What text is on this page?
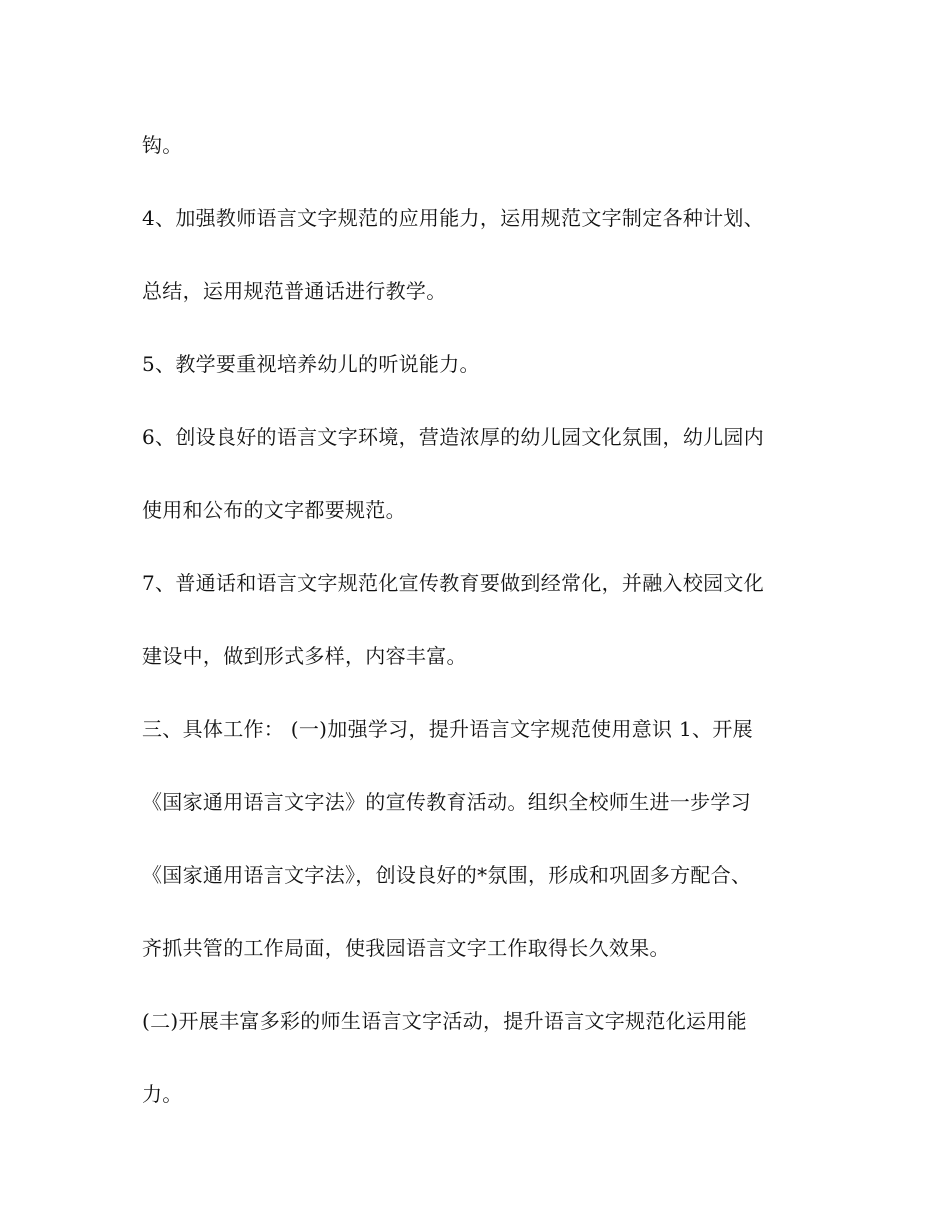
钩。
4、加强教师语言文字规范的应用能力，运用规范文字制定各种计划、
总结，运用规范普通话进行教学。
5、教学要重视培养幼儿的听说能力。
6、创设良好的语言文字环境，营造浓厚的幼儿园文化氛围，幼儿园内
使用和公布的文字都要规范。
7、普通话和语言文字规范化宣传教育要做到经常化，并融入校园文化
建设中，做到形式多样，内容丰富。
三、具体工作： (一)加强学习，提升语言文字规范使用意识 1、开展
《国家通用语言文字法》的宣传教育活动。组织全校师生进一步学习
《国家通用语言文字法》，创设良好的*氛围，形成和巩固多方配合、
齐抓共管的工作局面，使我园语言文字工作取得长久效果。
(二)开展丰富多彩的师生语言文字活动，提升语言文字规范化运用能
力。
